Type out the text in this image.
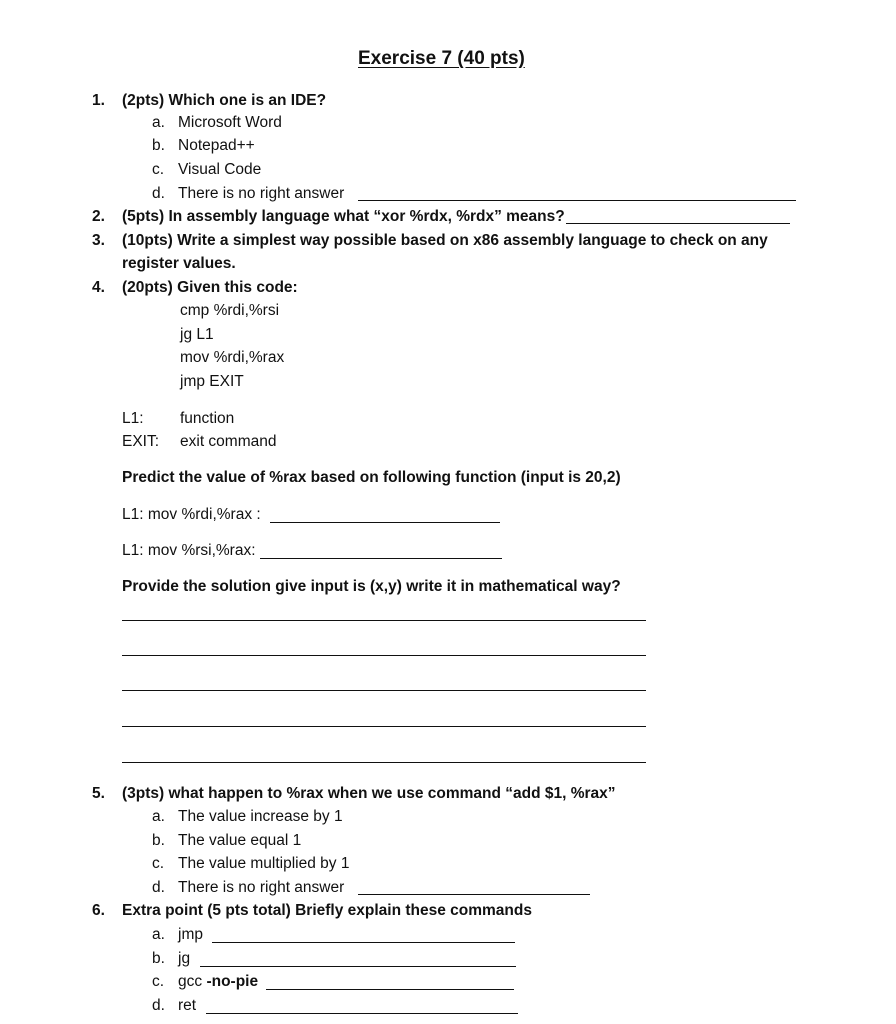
Exercise 7 (40 pts)
1. (2pts) Which one is an IDE?
a. Microsoft Word
b. Notepad++
c. Visual Code
d. There is no right answer
2. (5pts) In assembly language what “xor %rdx, %rdx” means?
3. (10pts) Write a simplest way possible based on x86 assembly language to check on any
register values.
4. (20pts) Given this code:
cmp %rdi,%rsi
jg L1
mov %rdi,%rax
jmp EXIT
L1: function
EXIT: exit command
Predict the value of %rax based on following function (input is 20,2)
L1: mov %rdi,%rax :
L1: mov %rsi,%rax:
Provide the solution give input is (x,y) write it in mathematical way?
5. (3pts) what happen to %rax when we use command “add $1, %rax”
a. The value increase by 1
b. The value equal 1
c. The value multiplied by 1
d. There is no right answer
6. Extra point (5 pts total) Briefly explain these commands
a. jmp
b. jg
c. gcc -no-pie
d. ret
